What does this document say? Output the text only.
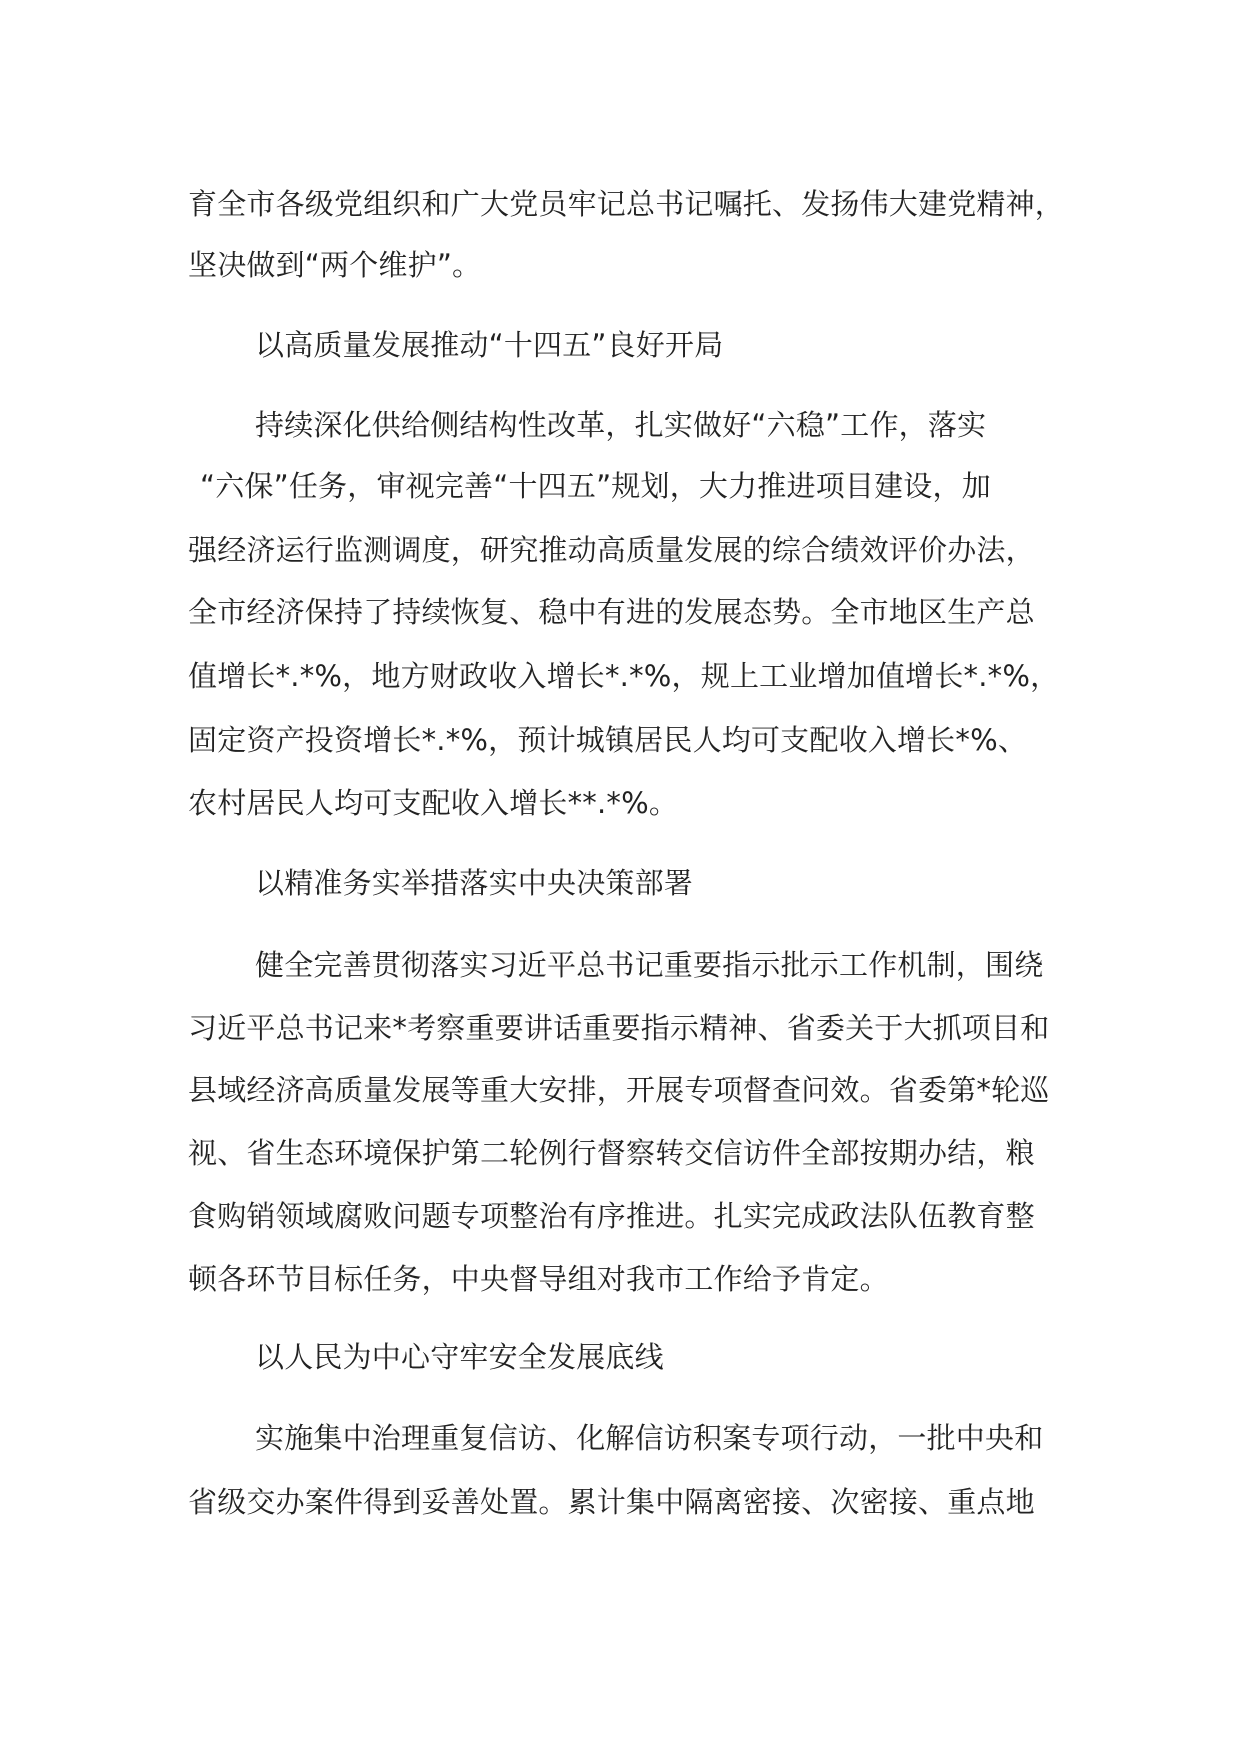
育全市各级党组织和广大党员牢记总书记嘱托、发扬伟大建党精神，
坚决做到“两个维护”。
以高质量发展推动“十四五”良好开局
持续深化供给侧结构性改革，扎实做好“六稳”工作，落实
“六保”任务，审视完善“十四五”规划，大力推进项目建设，加
强经济运行监测调度，研究推动高质量发展的综合绩效评价办法，
全市经济保持了持续恢复、稳中有进的发展态势。全市地区生产总
值增长*.*%，地方财政收入增长*.*%，规上工业增加值增长*.*%，
固定资产投资增长*.*%，预计城镇居民人均可支配收入增长*%、
农村居民人均可支配收入增长**.*%。
以精准务实举措落实中央决策部署
健全完善贯彻落实习近平总书记重要指示批示工作机制，围绕
习近平总书记来*考察重要讲话重要指示精神、省委关于大抓项目和
县域经济高质量发展等重大安排，开展专项督查问效。省委第*轮巡
视、省生态环境保护第二轮例行督察转交信访件全部按期办结，粮
食购销领域腐败问题专项整治有序推进。扎实完成政法队伍教育整
顿各环节目标任务，中央督导组对我市工作给予肯定。
以人民为中心守牢安全发展底线
实施集中治理重复信访、化解信访积案专项行动，一批中央和
省级交办案件得到妥善处置。累计集中隔离密接、次密接、重点地
